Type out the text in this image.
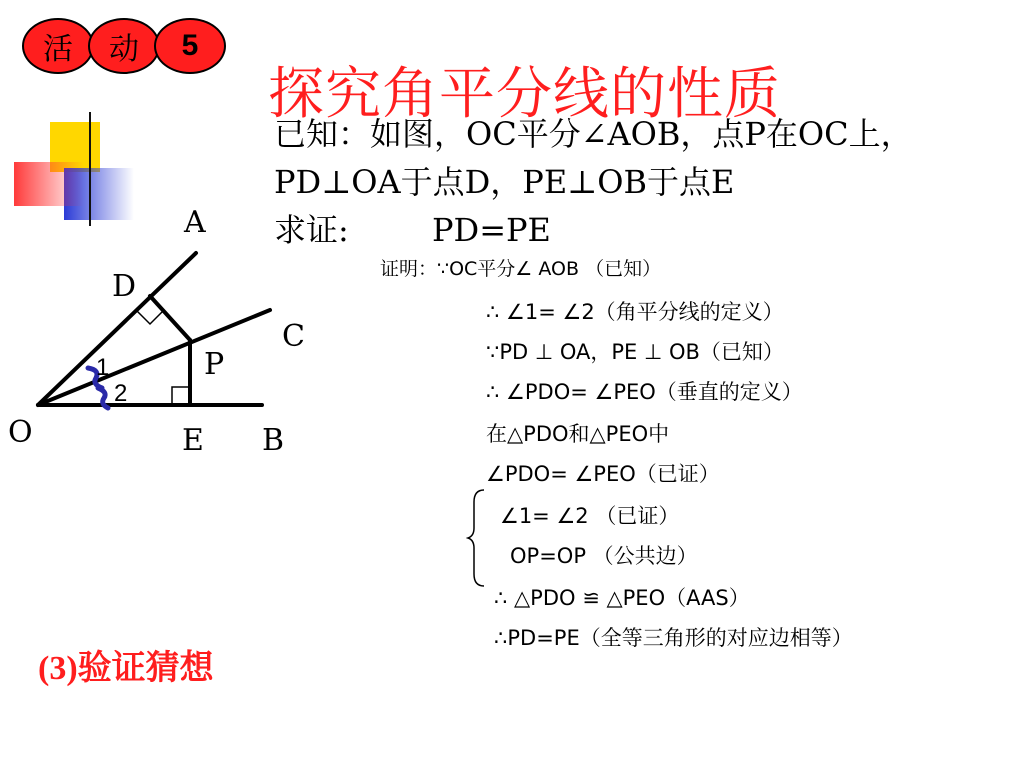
活	动	5
探究角平分线的性质
已知：如图，OC平分∠AOB，点P在OC上，
PD⊥OA于点D，PE⊥OB于点E
求证:	PD=PE
A
D
C
P
O	E B
1
2
证明：∵OC平分∠ AOB （已知）
∴ ∠1= ∠2（角平分线的定义）
∵PD ⊥ OA，PE ⊥ OB（已知）
∴ ∠PDO= ∠PEO（垂直的定义）
在△PDO和△PEO中
∠PDO= ∠PEO（已证）
∠1= ∠2 （已证）
OP=OP （公共边）
∴ △PDO ≌ △PEO（AAS）
∴PD=PE（全等三角形的对应边相等）
(3)验证猜想
